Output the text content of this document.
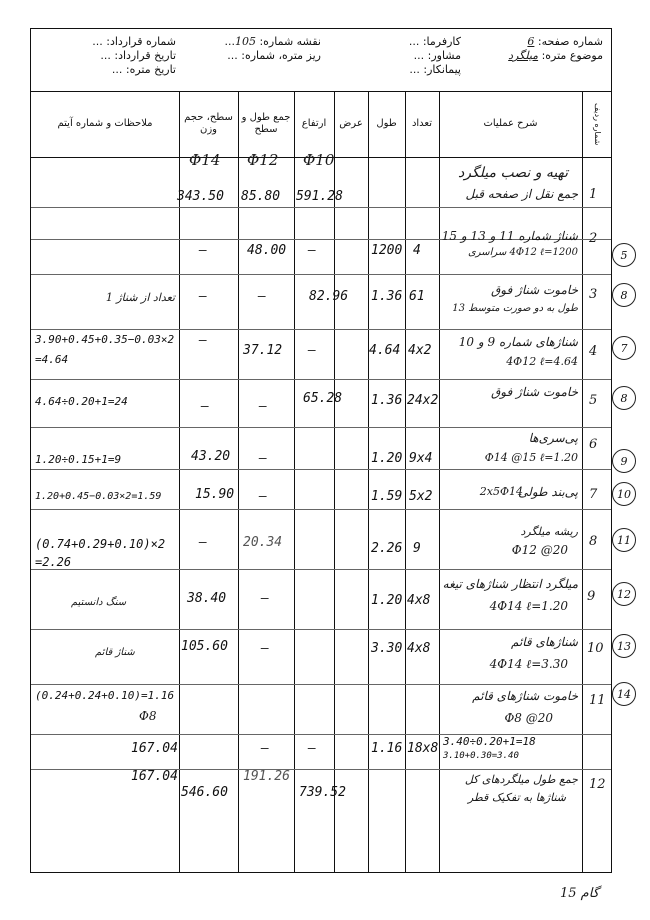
شماره صفحه: 6
موضوع متره: میلگرد
کارفرما: ...
مشاور: ...
پیمانکار: ...
نقشه شماره: 105...
ریز متره، شماره: ...
شماره قرارداد: ...
تاریخ قرارداد: ...
تاریخ متره: ...
شماره ردیف
شرح عملیات
تعداد
طول
عرض
ارتفاع
جمع طول و سطح
سطح، حجم وزن
ملاحظات و شماره آیتم
تهیه و نصب میلگرد
Φ10
Φ12
Φ14
1
جمع نقل از صفحه قبل
591.28
85.80
343.50
2
شناژ شماره 11 و 13 و 15
4Φ12 ℓ=1200 سراسری
4
1200
—
48.00
—
3
خاموت شناژ فوق
طول به دو صورت متوسط 13
61
1.36
82.96
—
—
تعداد از شناژ 1
4
شناژهای شماره 9 و 10
4Φ12 ℓ=4.64
4x2
4.64
—
37.12
—
3.90+0.45+0.35−0.03×2
=4.64
5
خاموت شناژ فوق
24x2
1.36
65.28
—
—
4.64÷0.20+1=24
6
پی‌سری‌ها
Φ14 @15 ℓ=1.20
9x4
1.20
—
43.20
1.20÷0.15+1=9
7
پی‌بند طولی
2x5Φ14
5x2
1.59
—
15.90
1.20+0.45−0.03×2=1.59
8
ریشه میلگرد
Φ12 @20
9
2.26
20.34
—
(0.74+0.29+0.10)×2
=2.26
9
میلگرد انتظار شناژهای تیغه
4Φ14 ℓ=1.20
4x8
1.20
—
38.40
سنگ دانستیم
10
شناژهای قائم
4Φ14 ℓ=3.30
4x8
3.30
—
105.60
شناژ قائم
11
خاموت شناژهای قائم
Φ8 @20
18x8
1.16
—
—
167.04
(0.24+0.24+0.10)=1.16
Φ8
3.40÷0.20+1=18
3.10+0.30=3.40
12
جمع طول میلگردهای کل
شناژها به تفکیک قطر
739.52
191.26
546.60
167.04
5
8
7
8
9
10
11
12
13
14
گام 15
